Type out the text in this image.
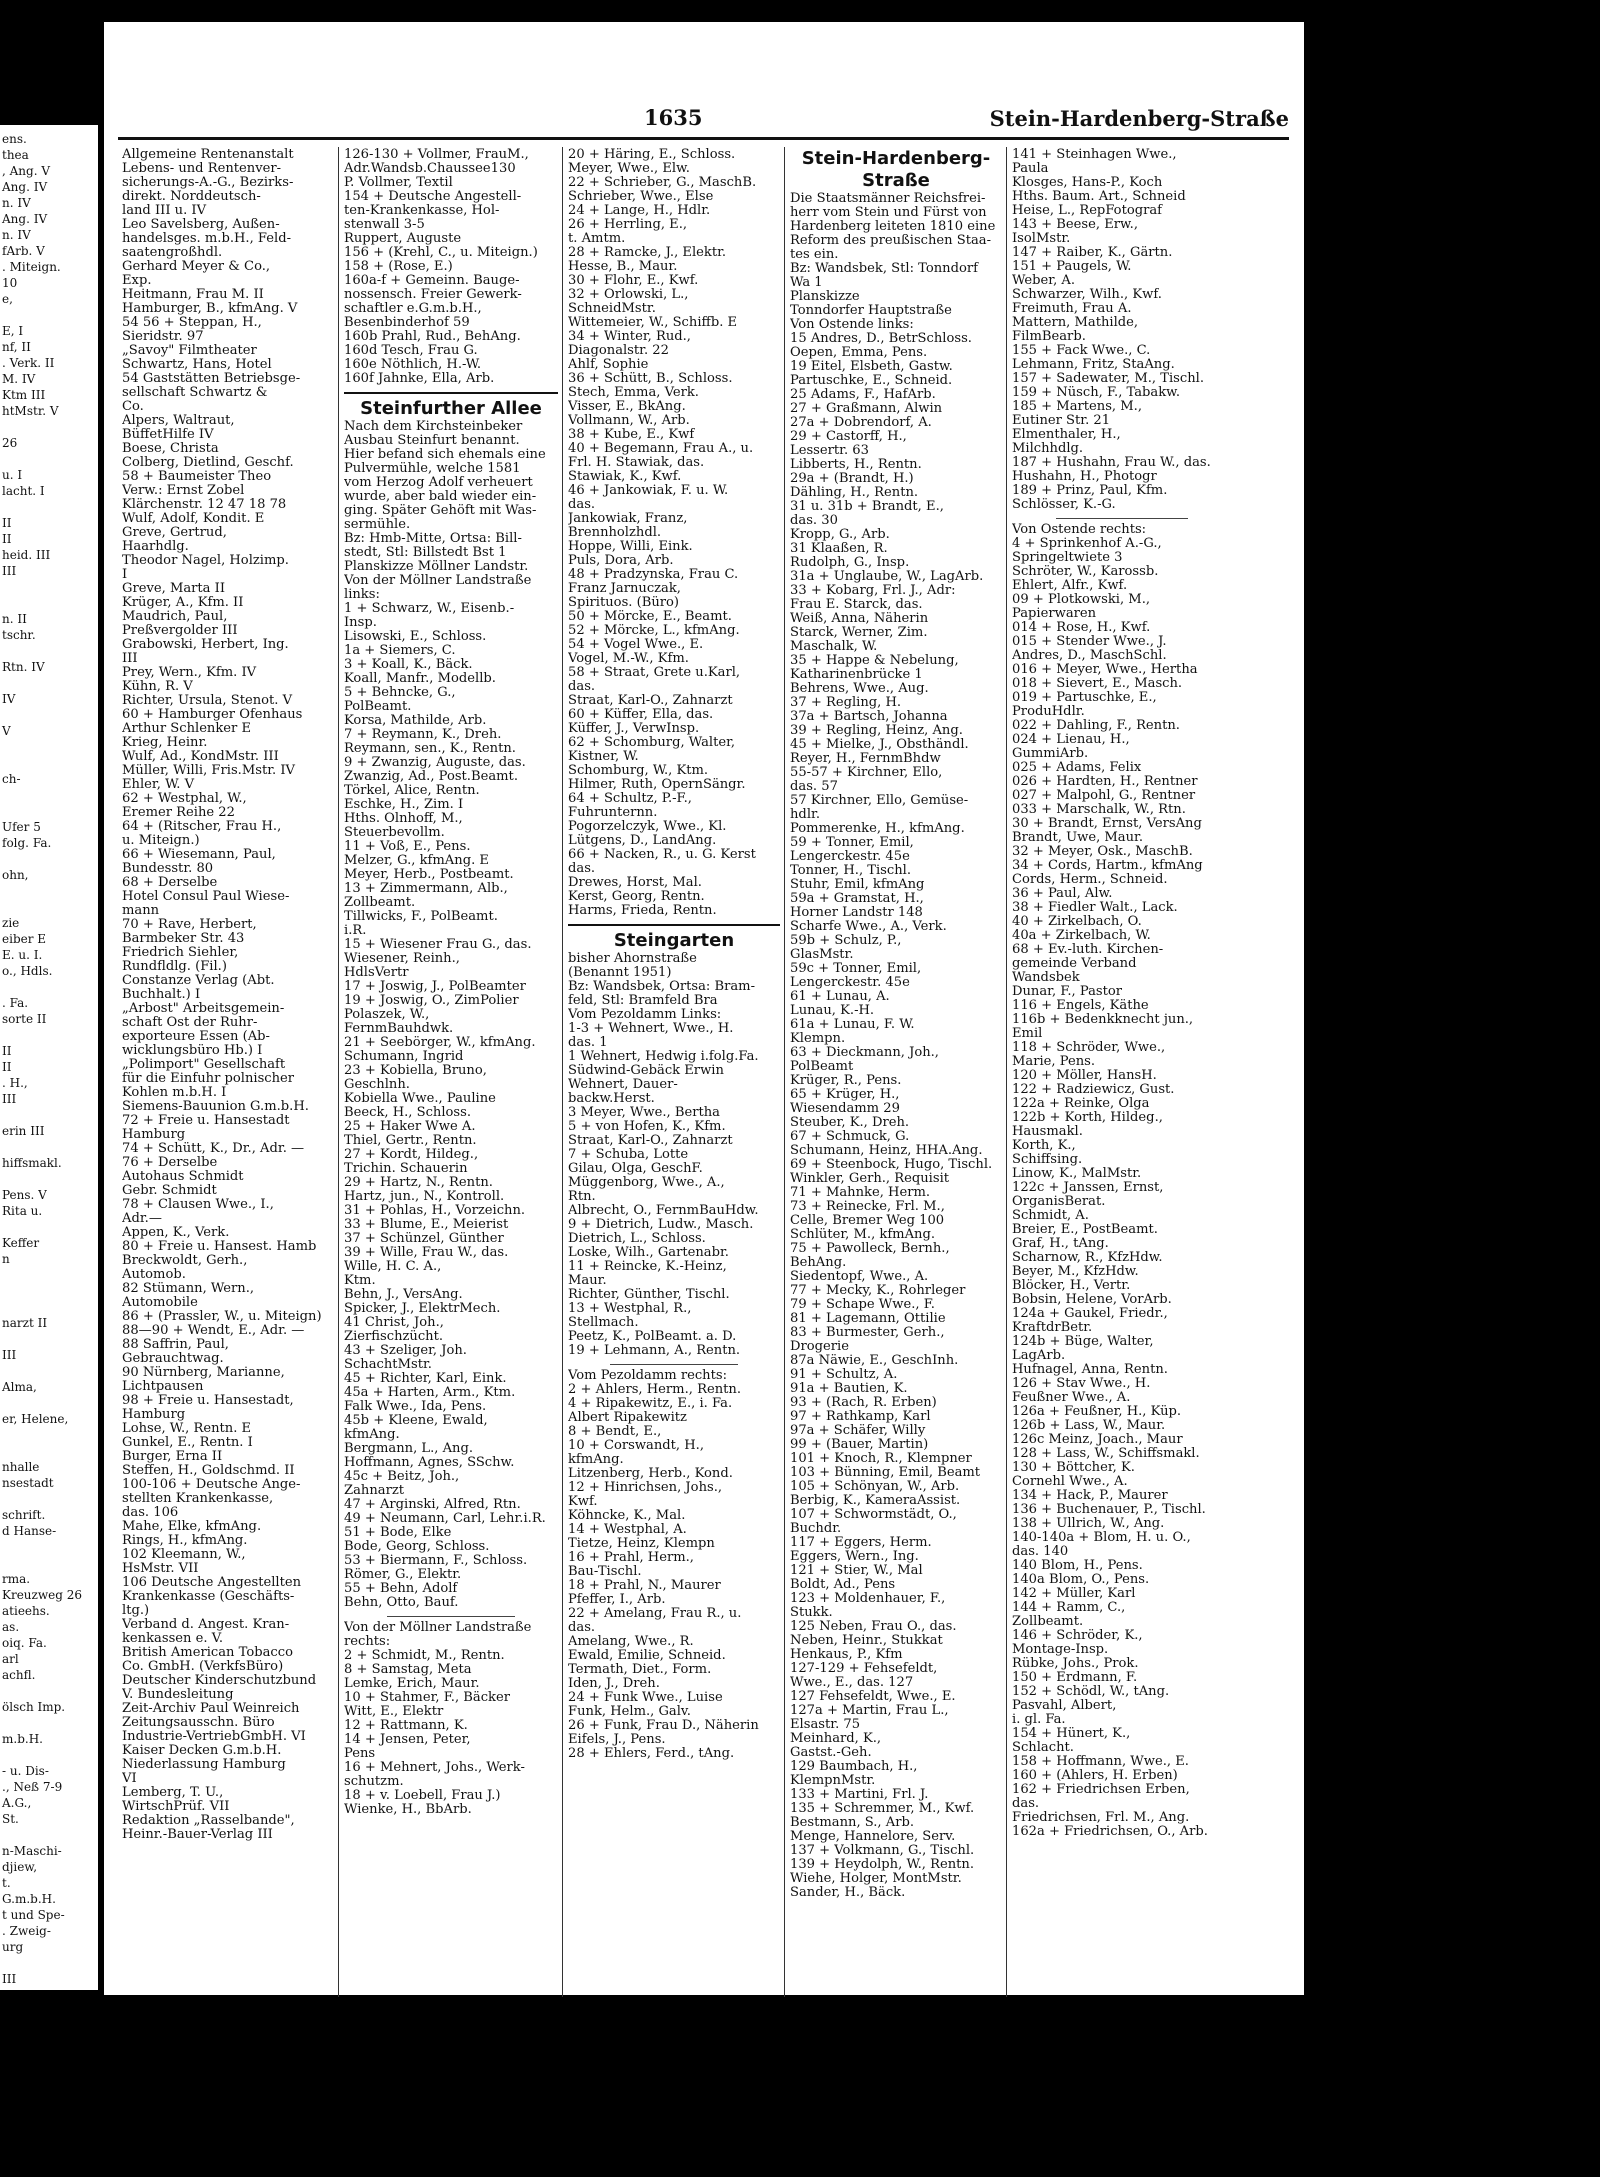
ens.
thea
, Ang. V
Ang. IV
n. IV
Ang. IV
n. IV
fArb. V
. Miteign.
10
e,
E, I
nf, II
. Verk. II
M. IV
Ktm III
htMstr. V
26
u. I
lacht. I
II
II
heid. III
III
n. II
tschr.
Rtn. IV
IV
V
ch-
Ufer 5
folg. Fa.
ohn,
zie
eiber E
E. u. I.
o., Hdls.
. Fa.
sorte II
II
II
. H.,
III
erin III
hiffsmakl.
Pens. V
Rita u.
Keffer
n
narzt II
III
Alma,
er, Helene,
nhalle
nsestadt
schrift.
d Hanse-
rma.
Kreuzweg 26
atieehs.
as.
oiq. Fa.
arl
achfl.
ölsch Imp.
m.b.H.
- u. Dis-
., Neß 7-9
A.G.,
St.
n-Maschi-
djiew,
t.
G.m.b.H.
t und Spe-
. Zweig-
urg
III
1635	Stein-Hardenberg-Straße
Allgemeine Rentenanstalt
Lebens- und Rentenver-
sicherungs-A.-G., Bezirks-
direkt. Norddeutsch-
land III u. IV
Leo Savelsberg, Außen-
handelsges. m.b.H., Feld-
saatengroßhdl.
Gerhard Meyer & Co.,
Exp.
Heitmann, Frau M. II
Hamburger, B., kfmAng. V
54 56 + Steppan, H.,
Sieridstr. 97
„Savoy" Filmtheater
Schwartz, Hans, Hotel
54 Gaststätten Betriebsge-
sellschaft Schwartz &
Co.
Alpers, Waltraut,
BüffetHilfe IV
Boese, Christa
Colberg, Dietlind, Geschf.
58 + Baumeister Theo
Verw.: Ernst Zobel
Klärchenstr. 12 47 18 78
Wulf, Adolf, Kondit. E
Greve, Gertrud,
Haarhdlg.
Theodor Nagel, Holzimp.
I
Greve, Marta II
Krüger, A., Kfm. II
Maudrich, Paul,
Preßvergolder III
Grabowski, Herbert, Ing.
III
Prey, Wern., Kfm. IV
Kühn, R. V
Richter, Ursula, Stenot. V
60 + Hamburger Ofenhaus
Arthur Schlenker E
Krieg, Heinr.
Wulf, Ad., KondMstr. III
Müller, Willi, Fris.Mstr. IV
Ehler, W. V
62 + Westphal, W.,
Eremer Reihe 22
64 + (Ritscher, Frau H.,
u. Miteign.)
66 + Wiesemann, Paul,
Bundesstr. 80
68 + Derselbe
Hotel Consul Paul Wiese-
mann
70 + Rave, Herbert,
Barmbeker Str. 43
Friedrich Siehler,
Rundfldlg. (Fil.)
Constanze Verlag (Abt.
Buchhalt.) I
„Arbost" Arbeitsgemein-
schaft Ost der Ruhr-
exporteure Essen (Ab-
wicklungsbüro Hb.) I
„Polimport" Gesellschaft
für die Einfuhr polnischer
Kohlen m.b.H. I
Siemens-Bauunion G.m.b.H.
72 + Freie u. Hansestadt
Hamburg
74 + Schütt, K., Dr., Adr. —
76 + Derselbe
Autohaus Schmidt
Gebr. Schmidt
78 + Clausen Wwe., I.,
Adr.—
Appen, K., Verk.
80 + Freie u. Hansest. Hamb
Breckwoldt, Gerh.,
Automob.
82 Stümann, Wern.,
Automobile
86 + (Prassler, W., u. Miteign)
88—90 + Wendt, E., Adr. —
88 Saffrin, Paul,
Gebrauchtwag.
90 Nürnberg, Marianne,
Lichtpausen
98 + Freie u. Hansestadt,
Hamburg
Lohse, W., Rentn. E
Gunkel, E., Rentn. I
Burger, Erna II
Steffen, H., Goldschmd. II
100-106 + Deutsche Ange-
stellten Krankenkasse,
das. 106
Mahe, Elke, kfmAng.
Rings, H., kfmAng.
102 Kleemann, W.,
HsMstr. VII
106 Deutsche Angestellten
Krankenkasse (Geschäfts-
ltg.)
Verband d. Angest. Kran-
kenkassen e. V.
British American Tobacco
Co. GmbH. (VerkfsBüro)
Deutscher Kinderschutzbund
V. Bundesleitung
Zeit-Archiv Paul Weinreich
Zeitungsausschn. Büro
Industrie-VertriebGmbH. VI
Kaiser Decken G.m.b.H.
Niederlassung Hamburg
VI
Lemberg, T. U.,
WirtschPrüf. VII
Redaktion „Rasselbande",
Heinr.-Bauer-Verlag III
126-130 + Vollmer, FrauM.,
Adr.Wandsb.Chaussee130
P. Vollmer, Textil
154 + Deutsche Angestell-
ten-Krankenkasse, Hol-
stenwall 3-5
Ruppert, Auguste
156 + (Krehl, C., u. Miteign.)
158 + (Rose, E.)
160a-f + Gemeinn. Bauge-
nossensch. Freier Gewerk-
schaftler e.G.m.b.H.,
Besenbinderhof 59
160b Prahl, Rud., BehAng.
160d Tesch, Frau G.
160e Nöthlich, H.-W.
160f Jahnke, Ella, Arb.
Steinfurther Allee
Nach dem Kirchsteinbeker
Ausbau Steinfurt benannt.
Hier befand sich ehemals eine
Pulvermühle, welche 1581
vom Herzog Adolf verheuert
wurde, aber bald wieder ein-
ging. Später Gehöft mit Was-
sermühle.
Bz: Hmb-Mitte, Ortsa: Bill-
stedt, Stl: Billstedt Bst 1
Planskizze Möllner Landstr.
Von der Möllner Landstraße
links:
1 + Schwarz, W., Eisenb.-
Insp.
Lisowski, E., Schloss.
1a + Siemers, C.
3 + Koall, K., Bäck.
Koall, Manfr., Modellb.
5 + Behncke, G.,
PolBeamt.
Korsa, Mathilde, Arb.
7 + Reymann, K., Dreh.
Reymann, sen., K., Rentn.
9 + Zwanzig, Auguste, das.
Zwanzig, Ad., Post.Beamt.
Törkel, Alice, Rentn.
Eschke, H., Zim. I
Hths. Olnhoff, M.,
Steuerbevollm.
11 + Voß, E., Pens.
Melzer, G., kfmAng. E
Meyer, Herb., Postbeamt.
13 + Zimmermann, Alb.,
Zollbeamt.
Tillwicks, F., PolBeamt.
i.R.
15 + Wiesener Frau G., das.
Wiesener, Reinh.,
HdlsVertr
17 + Joswig, J., PolBeamter
19 + Joswig, O., ZimPolier
Polaszek, W.,
FernmBauhdwk.
21 + Seebörger, W., kfmAng.
Schumann, Ingrid
23 + Kobiella, Bruno,
Geschlnh.
Kobiella Wwe., Pauline
Beeck, H., Schloss.
25 + Haker Wwe A.
Thiel, Gertr., Rentn.
27 + Kordt, Hildeg.,
Trichin. Schauerin
29 + Hartz, N., Rentn.
Hartz, jun., N., Kontroll.
31 + Pohlas, H., Vorzeichn.
33 + Blume, E., Meierist
37 + Schünzel, Günther
39 + Wille, Frau W., das.
Wille, H. C. A.,
Ktm.
Behn, J., VersAng.
Spicker, J., ElektrMech.
41 Christ, Joh.,
Zierfischzücht.
43 + Szeliger, Joh.
SchachtMstr.
45 + Richter, Karl, Eink.
45a + Harten, Arm., Ktm.
Falk Wwe., Ida, Pens.
45b + Kleene, Ewald,
kfmAng.
Bergmann, L., Ang.
Hoffmann, Agnes, SSchw.
45c + Beitz, Joh.,
Zahnarzt
47 + Arginski, Alfred, Rtn.
49 + Neumann, Carl, Lehr.i.R.
51 + Bode, Elke
Bode, Georg, Schloss.
53 + Biermann, F., Schloss.
Römer, G., Elektr.
55 + Behn, Adolf
Behn, Otto, Bauf.
Von der Möllner Landstraße
rechts:
2 + Schmidt, M., Rentn.
8 + Samstag, Meta
Lemke, Erich, Maur.
10 + Stahmer, F., Bäcker
Witt, E., Elektr
12 + Rattmann, K.
14 + Jensen, Peter,
Pens
16 + Mehnert, Johs., Werk-
schutzm.
18 + v. Loebell, Frau J.)
Wienke, H., BbArb.
20 + Häring, E., Schloss.
Meyer, Wwe., Elw.
22 + Schrieber, G., MaschB.
Schrieber, Wwe., Else
24 + Lange, H., Hdlr.
26 + Herrling, E.,
t. Amtm.
28 + Ramcke, J., Elektr.
Hesse, B., Maur.
30 + Flohr, E., Kwf.
32 + Orlowski, L.,
SchneidMstr.
Wittemeier, W., Schiffb. E
34 + Winter, Rud.,
Diagonalstr. 22
Ahlf, Sophie
36 + Schütt, B., Schloss.
Stech, Emma, Verk.
Visser, E., BkAng.
Vollmann, W., Arb.
38 + Kube, E., Kwf
40 + Begemann, Frau A., u.
Frl. H. Stawiak, das.
Stawiak, K., Kwf.
46 + Jankowiak, F. u. W.
das.
Jankowiak, Franz,
Brennholzhdl.
Hoppe, Willi, Eink.
Puls, Dora, Arb.
48 + Pradzynska, Frau C.
Franz Jarnuczak,
Spirituos. (Büro)
50 + Mörcke, E., Beamt.
52 + Mörcke, L., kfmAng.
54 + Vogel Wwe., E.
Vogel, M.-W., Kfm.
58 + Straat, Grete u.Karl,
das.
Straat, Karl-O., Zahnarzt
60 + Küffer, Ella, das.
Küffer, J., VerwInsp.
62 + Schomburg, Walter,
Kistner, W.
Schomburg, W., Ktm.
Hilmer, Ruth, OpernSängr.
64 + Schultz, P.-F.,
Fuhrunternn.
Pogorzelczyk, Wwe., Kl.
Lütgens, D., LandAng.
66 + Nacken, R., u. G. Kerst
das.
Drewes, Horst, Mal.
Kerst, Georg, Rentn.
Harms, Frieda, Rentn.
Steingarten
bisher Ahornstraße
(Benannt 1951)
Bz: Wandsbek, Ortsa: Bram-
feld, Stl: Bramfeld Bra
Vom Pezoldamm Links:
1-3 + Wehnert, Wwe., H.
das. 1
1 Wehnert, Hedwig i.folg.Fa.
Südwind-Gebäck Erwin
Wehnert, Dauer-
backw.Herst.
3 Meyer, Wwe., Bertha
5 + von Hofen, K., Kfm.
Straat, Karl-O., Zahnarzt
7 + Schuba, Lotte
Gilau, Olga, GeschF.
Müggenborg, Wwe., A.,
Rtn.
Albrecht, O., FernmBauHdw.
9 + Dietrich, Ludw., Masch.
Dietrich, L., Schloss.
Loske, Wilh., Gartenabr.
11 + Reincke, K.-Heinz,
Maur.
Richter, Günther, Tischl.
13 + Westphal, R.,
Stellmach.
Peetz, K., PolBeamt. a. D.
19 + Lehmann, A., Rentn.
Vom Pezoldamm rechts:
2 + Ahlers, Herm., Rentn.
4 + Ripakewitz, E., i. Fa.
Albert Ripakewitz
8 + Bendt, E.,
10 + Corswandt, H.,
kfmAng.
Litzenberg, Herb., Kond.
12 + Hinrichsen, Johs.,
Kwf.
Köhncke, K., Mal.
14 + Westphal, A.
Tietze, Heinz, Klempn
16 + Prahl, Herm.,
Bau-Tischl.
18 + Prahl, N., Maurer
Pfeffer, I., Arb.
22 + Amelang, Frau R., u.
das.
Amelang, Wwe., R.
Ewald, Emilie, Schneid.
Termath, Diet., Form.
Iden, J., Dreh.
24 + Funk Wwe., Luise
Funk, Helm., Galv.
26 + Funk, Frau D., Näherin
Eifels, J., Pens.
28 + Ehlers, Ferd., tAng.
Stein-Hardenberg-Straße
Die Staatsmänner Reichsfrei-
herr vom Stein und Fürst von
Hardenberg leiteten 1810 eine
Reform des preußischen Staa-
tes ein.
Bz: Wandsbek, Stl: Tonndorf
Wa 1
Planskizze
Tonndorfer Hauptstraße
Von Ostende links:
15 Andres, D., BetrSchloss.
Oepen, Emma, Pens.
19 Eitel, Elsbeth, Gastw.
Partuschke, E., Schneid.
25 Adams, F., HafArb.
27 + Graßmann, Alwin
27a + Dobrendorf, A.
29 + Castorff, H.,
Lessertr. 63
Libberts, H., Rentn.
29a + (Brandt, H.)
Dähling, H., Rentn.
31 u. 31b + Brandt, E.,
das. 30
Kropp, G., Arb.
31 Klaaßen, R.
Rudolph, G., Insp.
31a + Unglaube, W., LagArb.
33 + Kobarg, Frl. J., Adr:
Frau E. Starck, das.
Weiß, Anna, Näherin
Starck, Werner, Zim.
Maschalk, W.
35 + Happe & Nebelung,
Katharinenbrücke 1
Behrens, Wwe., Aug.
37 + Regling, H.
37a + Bartsch, Johanna
39 + Regling, Heinz, Ang.
45 + Mielke, J., Obsthändl.
Reyer, H., FernmBhdw
55-57 + Kirchner, Ello,
das. 57
57 Kirchner, Ello, Gemüse-
hdlr.
Pommerenke, H., kfmAng.
59 + Tonner, Emil,
Lengerckestr. 45e
Tonner, H., Tischl.
Stuhr, Emil, kfmAng
59a + Gramstat, H.,
Horner Landstr 148
Scharfe Wwe., A., Verk.
59b + Schulz, P.,
GlasMstr.
59c + Tonner, Emil,
Lengerckestr. 45e
61 + Lunau, A.
Lunau, K.-H.
61a + Lunau, F. W.
Klempn.
63 + Dieckmann, Joh.,
PolBeamt
Krüger, R., Pens.
65 + Krüger, H.,
Wiesendamm 29
Steuber, K., Dreh.
67 + Schmuck, G.
Schumann, Heinz, HHA.Ang.
69 + Steenbock, Hugo, Tischl.
Winkler, Gerh., Requisit
71 + Mahnke, Herm.
73 + Reinecke, Frl. M.,
Celle, Bremer Weg 100
Schlüter, M., kfmAng.
75 + Pawolleck, Bernh.,
BehAng.
Siedentopf, Wwe., A.
77 + Mecky, K., Rohrleger
79 + Schape Wwe., F.
81 + Lagemann, Ottilie
83 + Burmester, Gerh.,
Drogerie
87a Näwie, E., GeschInh.
91 + Schultz, A.
91a + Bautien, K.
93 + (Rach, R. Erben)
97 + Rathkamp, Karl
97a + Schäfer, Willy
99 + (Bauer, Martin)
101 + Knoch, R., Klempner
103 + Bünning, Emil, Beamt
105 + Schönyan, W., Arb.
Berbig, K., KameraAssist.
107 + Schwormstädt, O.,
Buchdr.
117 + Eggers, Herm.
Eggers, Wern., Ing.
121 + Stier, W., Mal
Boldt, Ad., Pens
123 + Moldenhauer, F.,
Stukk.
125 Neben, Frau O., das.
Neben, Heinr., Stukkat
Henkaus, P., Kfm
127-129 + Fehsefeldt,
Wwe., E., das. 127
127 Fehsefeldt, Wwe., E.
127a + Martin, Frau L.,
Elsastr. 75
Meinhard, K.,
Gastst.-Geh.
129 Baumbach, H.,
KlempnMstr.
133 + Martini, Frl. J.
135 + Schremmer, M., Kwf.
Bestmann, S., Arb.
Menge, Hannelore, Serv.
137 + Volkmann, G., Tischl.
139 + Heydolph, W., Rentn.
Wiehe, Holger, MontMstr.
Sander, H., Bäck.
141 + Steinhagen Wwe.,
Paula
Klosges, Hans-P., Koch
Hths. Baum. Art., Schneid
Heise, L., RepFotograf
143 + Beese, Erw.,
IsolMstr.
147 + Raiber, K., Gärtn.
151 + Paugels, W.
Weber, A.
Schwarzer, Wilh., Kwf.
Freimuth, Frau A.
Mattern, Mathilde,
FilmBearb.
155 + Fack Wwe., C.
Lehmann, Fritz, StaAng.
157 + Sadewater, M., Tischl.
159 + Nüsch, F., Tabakw.
185 + Martens, M.,
Eutiner Str. 21
Elmenthaler, H.,
Milchhdlg.
187 + Hushahn, Frau W., das.
Hushahn, H., Photogr
189 + Prinz, Paul, Kfm.
Schlösser, K.-G.
Von Ostende rechts:
4 + Sprinkenhof A.-G.,
Springeltwiete 3
Schröter, W., Karossb.
Ehlert, Alfr., Kwf.
09 + Plotkowski, M.,
Papierwaren
014 + Rose, H., Kwf.
015 + Stender Wwe., J.
Andres, D., MaschSchl.
016 + Meyer, Wwe., Hertha
018 + Sievert, E., Masch.
019 + Partuschke, E.,
ProduHdlr.
022 + Dahling, F., Rentn.
024 + Lienau, H.,
GummiArb.
025 + Adams, Felix
026 + Hardten, H., Rentner
027 + Malpohl, G., Rentner
033 + Marschalk, W., Rtn.
30 + Brandt, Ernst, VersAng
Brandt, Uwe, Maur.
32 + Meyer, Osk., MaschB.
34 + Cords, Hartm., kfmAng
Cords, Herm., Schneid.
36 + Paul, Alw.
38 + Fiedler Walt., Lack.
40 + Zirkelbach, O.
40a + Zirkelbach, W.
68 + Ev.-luth. Kirchen-
gemeinde Verband
Wandsbek
Dunar, F., Pastor
116 + Engels, Käthe
116b + Bedenkknecht jun.,
Emil
118 + Schröder, Wwe.,
Marie, Pens.
120 + Möller, HansH.
122 + Radziewicz, Gust.
122a + Reinke, Olga
122b + Korth, Hildeg.,
Hausmakl.
Korth, K.,
Schiffsing.
Linow, K., MalMstr.
122c + Janssen, Ernst,
OrganisBerat.
Schmidt, A.
Breier, E., PostBeamt.
Graf, H., tAng.
Scharnow, R., KfzHdw.
Beyer, M., KfzHdw.
Blöcker, H., Vertr.
Bobsin, Helene, VorArb.
124a + Gaukel, Friedr.,
KraftdrBetr.
124b + Büge, Walter,
LagArb.
Hufnagel, Anna, Rentn.
126 + Stav Wwe., H.
Feußner Wwe., A.
126a + Feußner, H., Küp.
126b + Lass, W., Maur.
126c Meinz, Joach., Maur
128 + Lass, W., Schiffsmakl.
130 + Böttcher, K.
Cornehl Wwe., A.
134 + Hack, P., Maurer
136 + Buchenauer, P., Tischl.
138 + Ullrich, W., Ang.
140-140a + Blom, H. u. O.,
das. 140
140 Blom, H., Pens.
140a Blom, O., Pens.
142 + Müller, Karl
144 + Ramm, C.,
Zollbeamt.
146 + Schröder, K.,
Montage-Insp.
Rübke, Johs., Prok.
150 + Erdmann, F.
152 + Schödl, W., tAng.
Pasvahl, Albert,
i. gl. Fa.
154 + Hünert, K.,
Schlacht.
158 + Hoffmann, Wwe., E.
160 + (Ahlers, H. Erben)
162 + Friedrichsen Erben,
das.
Friedrichsen, Frl. M., Ang.
162a + Friedrichsen, O., Arb.
